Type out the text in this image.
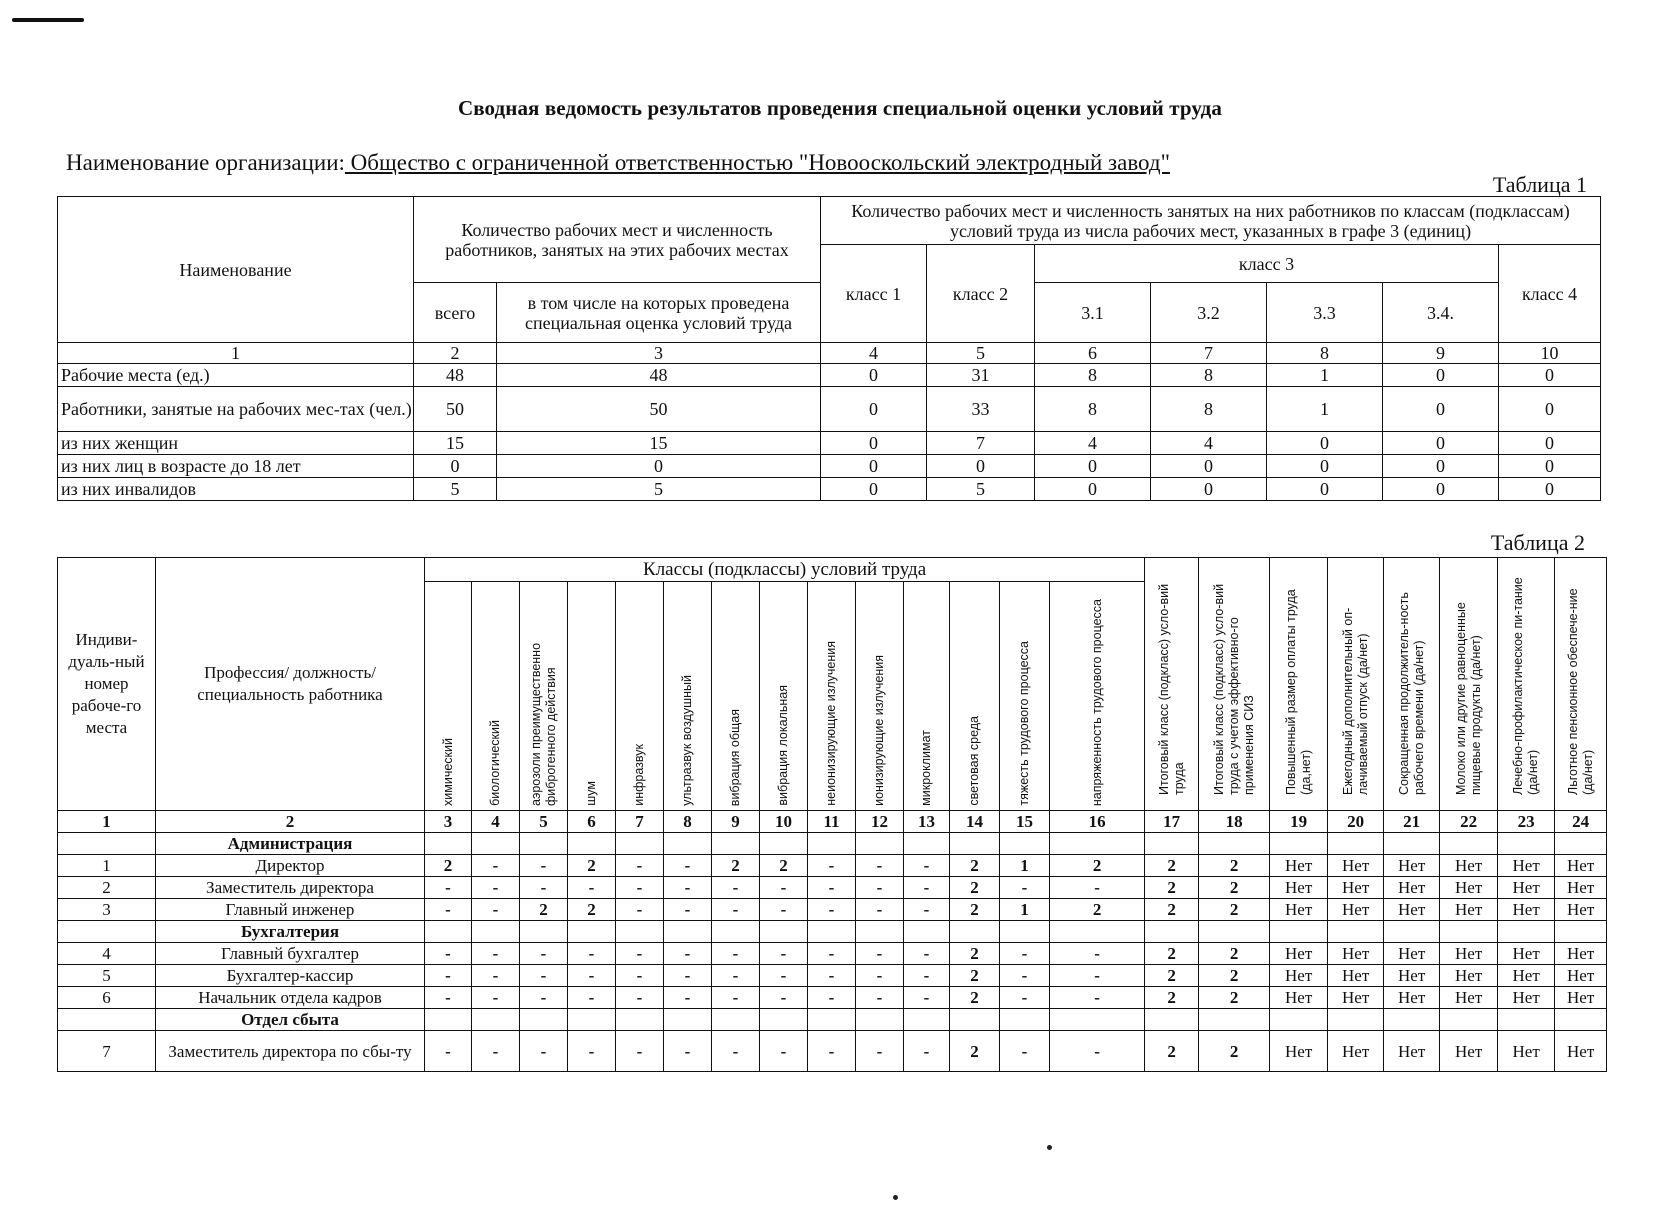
Сводная ведомость результатов проведения специальной оценки условий труда
Наименование организации: Общество с ограниченной ответственностью "Новооскольский электродный завод"
Таблица 1
Наименование	Количество рабочих мест и численность работников, занятых на этих рабочих местах		Количество рабочих мест и численность занятых на них работников по классам (подклассам) условий труда из числа рабочих мест, указанных в графе 3 (единиц)						
			класс 1	класс 2	класс 3				класс 4
	всего	в том числе на которых проведена специальная оценка условий труда			3.1	3.2	3.3	3.4.	
1	2	3	4	5	6	7	8	9	10
Рабочие места (ед.)	48	48	0	31	8	8	1	0	0
Работники, занятые на рабочих мес-тах (чел.)	50	50	0	33	8	8	1	0	0
из них женщин	15	15	0	7	4	4	0	0	0
из них лиц в возрасте до 18 лет	0	0	0	0	0	0	0	0	0
из них инвалидов	5	5	0	5	0	0	0	0	0
Таблица 2
Индиви-дуаль-ный номер рабоче-го места	Профессия/ должность/ специальность работника	Классы (подклассы) условий труда														Итоговый класс (подкласс) усло-вий труда	Итоговый класс (подкласс) усло-вий труда с учетом эффективно-го применения СИЗ	Повышенный размер оплаты труда (да,нет)	Ежегодный дополнительный оп-лачиваемый отпуск (да/нет)	Сокращенная продолжитель-ность рабочего времени (да/нет)	Молоко или другие равноценные пищевые продукты (да/нет)	Лечебно-профилактическое пи-тание (да/нет)	Льготное пенсионное обеспече-ние (да/нет)

		химический	биологический	аэрозоли преимущественно фиброгенного действия	шум	инфразвук	ультразвук воздушный	вибрация общая	вибрация локальная	неионизирующие излучения	ионизирующие излучения	микроклимат	световая среда	тяжесть трудового процесса	напряженность трудового процесса								

1	2	3	4	5	6	7	8	9	10	11	12	13	14	15	16	17	18	19	20	21	22	23	24
	Администрация																						
1	Директор	2	-	-	2	-	-	2	2	-	-	-	2	1	2	2	2	Нет	Нет	Нет	Нет	Нет	Нет
2	Заместитель директора	-	-	-	-	-	-	-	-	-	-	-	2	-	-	2	2	Нет	Нет	Нет	Нет	Нет	Нет
3	Главный инженер	-	-	2	2	-	-	-	-	-	-	-	2	1	2	2	2	Нет	Нет	Нет	Нет	Нет	Нет
	Бухгалтерия																						
4	Главный бухгалтер	-	-	-	-	-	-	-	-	-	-	-	2	-	-	2	2	Нет	Нет	Нет	Нет	Нет	Нет
5	Бухгалтер-кассир	-	-	-	-	-	-	-	-	-	-	-	2	-	-	2	2	Нет	Нет	Нет	Нет	Нет	Нет
6	Начальник отдела кадров	-	-	-	-	-	-	-	-	-	-	-	2	-	-	2	2	Нет	Нет	Нет	Нет	Нет	Нет
	Отдел сбыта																						
7	Заместитель директора по сбы-ту	-	-	-	-	-	-	-	-	-	-	-	2	-	-	2	2	Нет	Нет	Нет	Нет	Нет	Нет
